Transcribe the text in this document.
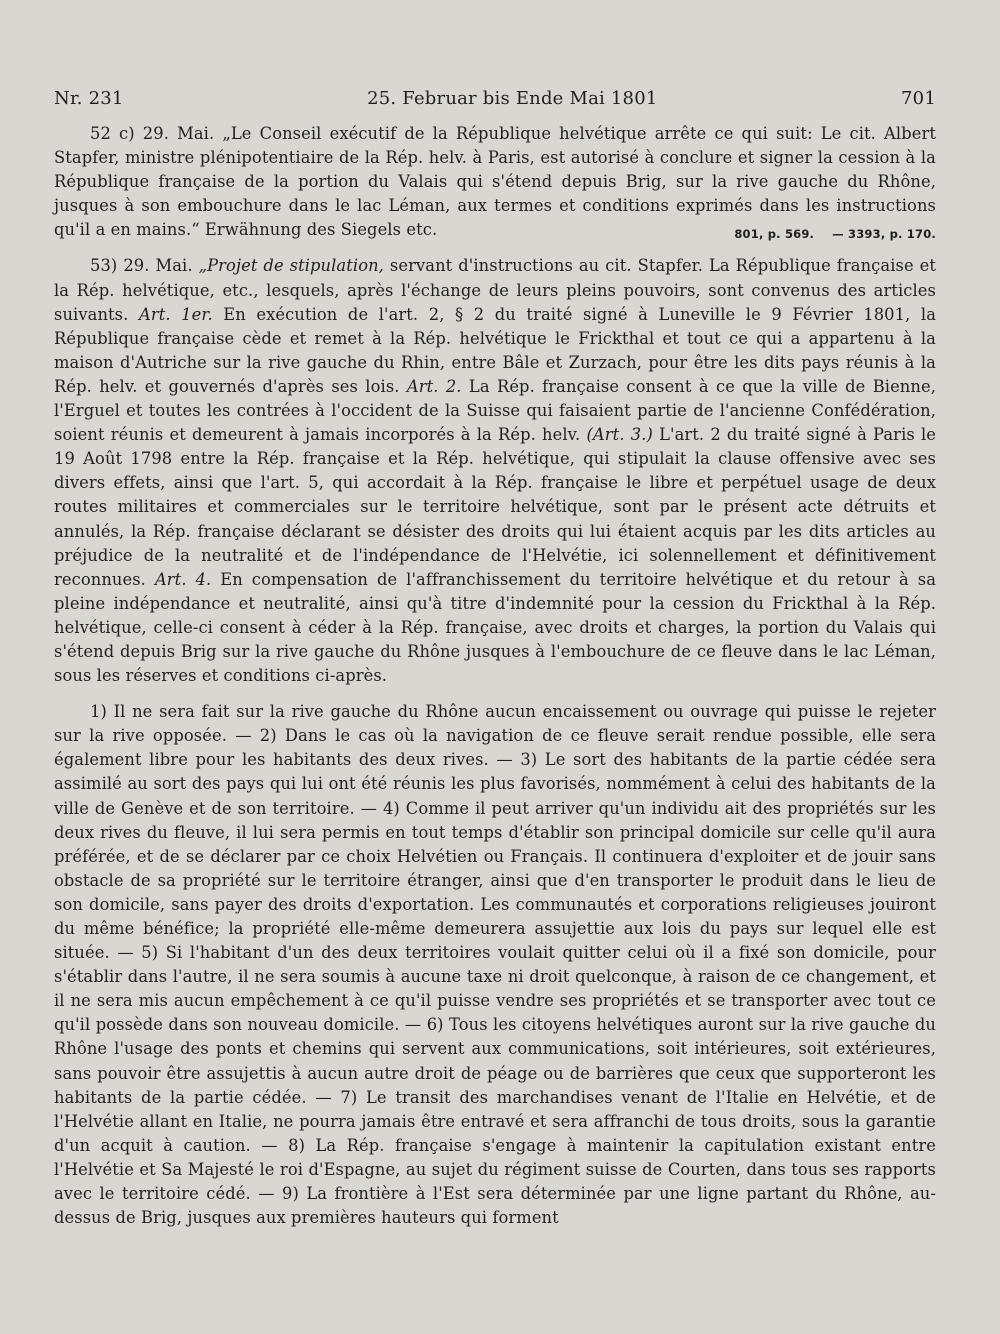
Nr. 231	25. Februar bis Ende Mai 1801	701

52 c) 29. Mai. „Le Conseil exécutif de la République helvétique arrête ce qui suit: Le cit. Albert Stapfer, ministre plénipotentiaire de la Rép. helv. à Paris, est autorisé à conclure et signer la cession à la République française de la portion du Valais qui s'étend depuis Brig, sur la rive gauche du Rhône, jusques à son embouchure dans le lac Léman, aux termes et conditions exprimés dans les instructions qu'il a en mains.“ Erwähnung des Siegels etc.	801, p. 569. — 3393, p. 170.

53) 29. Mai. „Projet de stipulation, servant d'instructions au cit. Stapfer. La République française et la Rép. helvétique, etc., lesquels, après l'échange de leurs pleins pouvoirs, sont convenus des articles suivants. Art. 1er. En exécution de l'art. 2, § 2 du traité signé à Luneville le 9 Février 1801, la République française cède et remet à la Rép. helvétique le Frickthal et tout ce qui a appartenu à la maison d'Autriche sur la rive gauche du Rhin, entre Bâle et Zurzach, pour être les dits pays réunis à la Rép. helv. et gouvernés d'après ses lois. Art. 2. La Rép. française consent à ce que la ville de Bienne, l'Erguel et toutes les contrées à l'occident de la Suisse qui faisaient partie de l'ancienne Confédération, soient réunis et demeurent à jamais incorporés à la Rép. helv. (Art. 3.) L'art. 2 du traité signé à Paris le 19 Août 1798 entre la Rép. française et la Rép. helvétique, qui stipulait la clause offensive avec ses divers effets, ainsi que l'art. 5, qui accordait à la Rép. française le libre et perpétuel usage de deux routes militaires et commerciales sur le territoire helvétique, sont par le présent acte détruits et annulés, la Rép. française déclarant se désister des droits qui lui étaient acquis par les dits articles au préjudice de la neutralité et de l'indépendance de l'Helvétie, ici solennellement et définitivement reconnues. Art. 4. En compensation de l'affranchissement du territoire helvétique et du retour à sa pleine indépendance et neutralité, ainsi qu'à titre d'indemnité pour la cession du Frickthal à la Rép. helvétique, celle-ci consent à céder à la Rép. française, avec droits et charges, la portion du Valais qui s'étend depuis Brig sur la rive gauche du Rhône jusques à l'embouchure de ce fleuve dans le lac Léman, sous les réserves et conditions ci-après.

1) Il ne sera fait sur la rive gauche du Rhône aucun encaissement ou ouvrage qui puisse le rejeter sur la rive opposée. — 2) Dans le cas où la navigation de ce fleuve serait rendue possible, elle sera également libre pour les habitants des deux rives. — 3) Le sort des habitants de la partie cédée sera assimilé au sort des pays qui lui ont été réunis les plus favorisés, nommément à celui des habitants de la ville de Genève et de son territoire. — 4) Comme il peut arriver qu'un individu ait des propriétés sur les deux rives du fleuve, il lui sera permis en tout temps d'établir son principal domicile sur celle qu'il aura préférée, et de se déclarer par ce choix Helvétien ou Français. Il continuera d'exploiter et de jouir sans obstacle de sa propriété sur le territoire étranger, ainsi que d'en transporter le produit dans le lieu de son domicile, sans payer des droits d'exportation. Les communautés et corporations religieuses jouiront du même bénéfice; la propriété elle-même demeurera assujettie aux lois du pays sur lequel elle est située. — 5) Si l'habitant d'un des deux territoires voulait quitter celui où il a fixé son domicile, pour s'établir dans l'autre, il ne sera soumis à aucune taxe ni droit quelconque, à raison de ce changement, et il ne sera mis aucun empêchement à ce qu'il puisse vendre ses propriétés et se transporter avec tout ce qu'il possède dans son nouveau domicile. — 6) Tous les citoyens helvétiques auront sur la rive gauche du Rhône l'usage des ponts et chemins qui servent aux communications, soit intérieures, soit extérieures, sans pouvoir être assujettis à aucun autre droit de péage ou de barrières que ceux que supporteront les habitants de la partie cédée. — 7) Le transit des marchandises venant de l'Italie en Helvétie, et de l'Helvétie allant en Italie, ne pourra jamais être entravé et sera affranchi de tous droits, sous la garantie d'un acquit à caution. — 8) La Rép. française s'engage à maintenir la capitulation existant entre l'Helvétie et Sa Majesté le roi d'Espagne, au sujet du régiment suisse de Courten, dans tous ses rapports avec le territoire cédé. — 9) La frontière à l'Est sera déterminée par une ligne partant du Rhône, au-dessus de Brig, jusques aux premières hauteurs qui forment
